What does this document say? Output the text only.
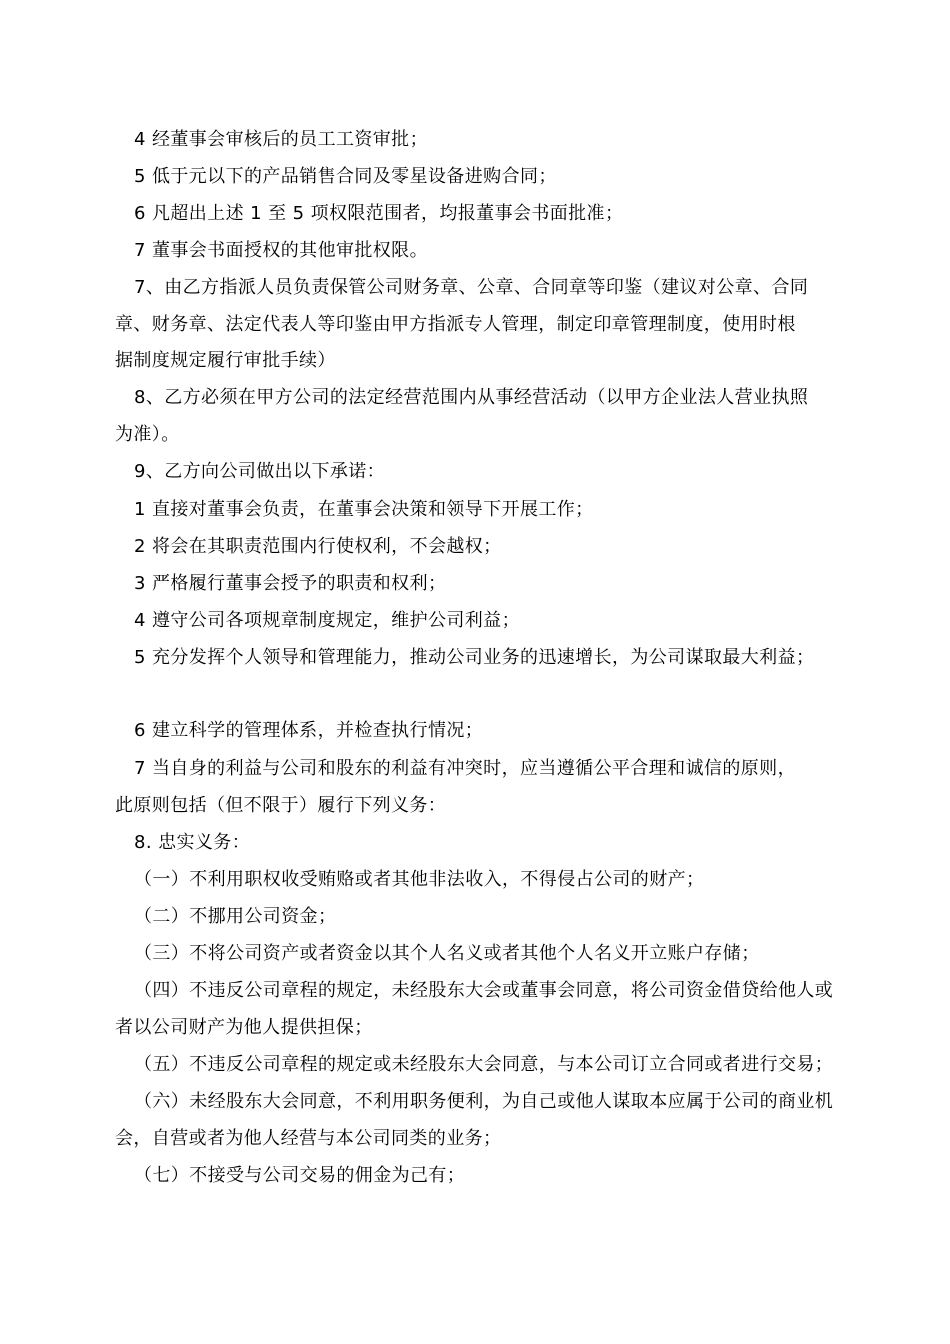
4 经董事会审核后的员工工资审批；
5 低于元以下的产品销售合同及零星设备进购合同；
6 凡超出上述 1 至 5 项权限范围者，均报董事会书面批准；
7 董事会书面授权的其他审批权限。
7、由乙方指派人员负责保管公司财务章、公章、合同章等印鉴（建议对公章、合同
章、财务章、法定代表人等印鉴由甲方指派专人管理，制定印章管理制度，使用时根
据制度规定履行审批手续）
8、乙方必须在甲方公司的法定经营范围内从事经营活动（以甲方企业法人营业执照
为准）。
9、乙方向公司做出以下承诺：
1 直接对董事会负责，在董事会决策和领导下开展工作；
2 将会在其职责范围内行使权利，不会越权；
3 严格履行董事会授予的职责和权利；
4 遵守公司各项规章制度规定，维护公司利益；
5 充分发挥个人领导和管理能力，推动公司业务的迅速增长，为公司谋取最大利益；
6 建立科学的管理体系，并检查执行情况；
7 当自身的利益与公司和股东的利益有冲突时，应当遵循公平合理和诚信的原则，
此原则包括（但不限于）履行下列义务：
8. 忠实义务：
（一）不利用职权收受贿赂或者其他非法收入，不得侵占公司的财产；
（二）不挪用公司资金；
（三）不将公司资产或者资金以其个人名义或者其他个人名义开立账户存储；
（四）不违反公司章程的规定，未经股东大会或董事会同意，将公司资金借贷给他人或
者以公司财产为他人提供担保；
（五）不违反公司章程的规定或未经股东大会同意，与本公司订立合同或者进行交易；
（六）未经股东大会同意，不利用职务便利，为自己或他人谋取本应属于公司的商业机
会，自营或者为他人经营与本公司同类的业务；
（七）不接受与公司交易的佣金为己有；
